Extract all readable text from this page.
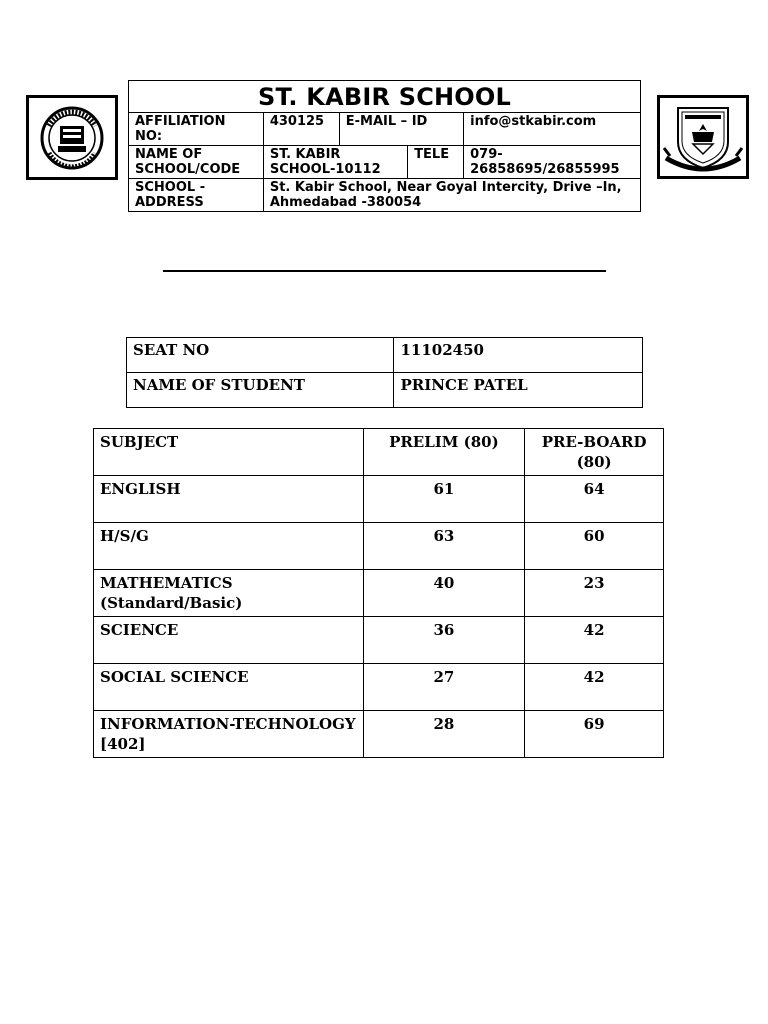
ST. KABIR SCHOOL				
AFFILIATION NO:	430125	E-MAIL – ID		info@stkabir.com
NAME OF SCHOOL/CODE	ST. KABIR SCHOOL-10112		TELE	079-26858695/26855995
SCHOOL - ADDRESS	St. Kabir School, Near Goyal Intercity, Drive –In, Ahmedabad -380054			
SEAT NO	11102450
NAME OF STUDENT	PRINCE PATEL
SUBJECT	PRELIM (80)	PRE-BOARD (80)
ENGLISH	61	64
H/S/G	63	60
MATHEMATICS (Standard/Basic)	40	23
SCIENCE	36	42
SOCIAL SCIENCE	27	42
INFORMATION-TECHNOLOGY [402]	28	69
